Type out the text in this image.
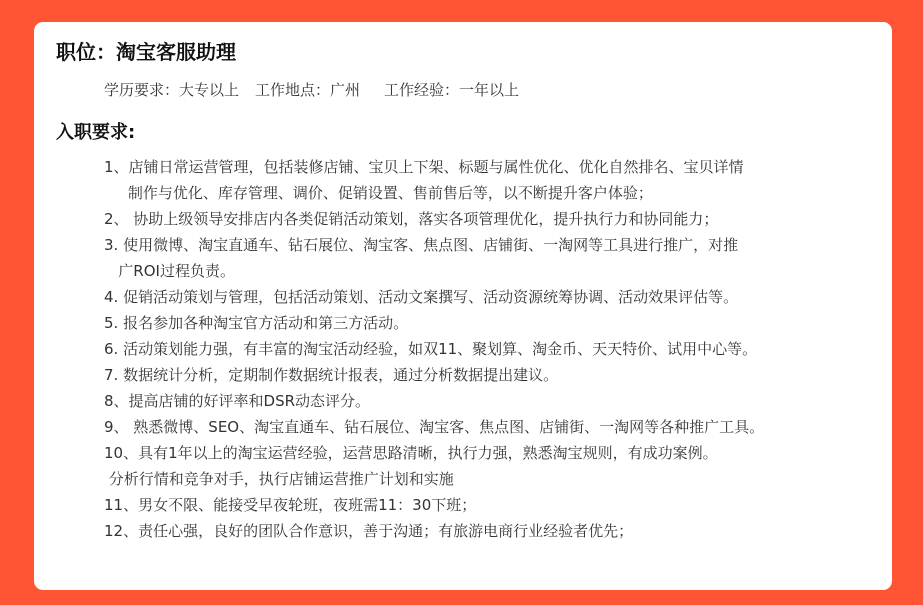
职位：淘宝客服助理

学历要求：大专以上 工作地点：广州 工作经验：一年以上

入职要求:
1、店铺日常运营管理，包括装修店铺、宝贝上下架、标题与属性优化、优化自然排名、宝贝详情
制作与优化、库存管理、调价、促销设置、售前售后等，以不断提升客户体验；
2、 协助上级领导安排店内各类促销活动策划，落实各项管理优化，提升执行力和协同能力；
3. 使用微博、淘宝直通车、钻石展位、淘宝客、焦点图、店铺街、一淘网等工具进行推广，对推
广ROI过程负责。
4. 促销活动策划与管理，包括活动策划、活动文案撰写、活动资源统筹协调、活动效果评估等。
5. 报名参加各种淘宝官方活动和第三方活动。
6. 活动策划能力强，有丰富的淘宝活动经验，如双11、聚划算、淘金币、天天特价、试用中心等。
7. 数据统计分析，定期制作数据统计报表，通过分析数据提出建议。
8、提高店铺的好评率和DSR动态评分。
9、 熟悉微博、SEO、淘宝直通车、钻石展位、淘宝客、焦点图、店铺街、一淘网等各种推广工具。
10、具有1年以上的淘宝运营经验，运营思路清晰，执行力强，熟悉淘宝规则，有成功案例。
分析行情和竞争对手，执行店铺运营推广计划和实施
11、男女不限、能接受早夜轮班，夜班需11：30下班；
12、责任心强，良好的团队合作意识，善于沟通；有旅游电商行业经验者优先；
